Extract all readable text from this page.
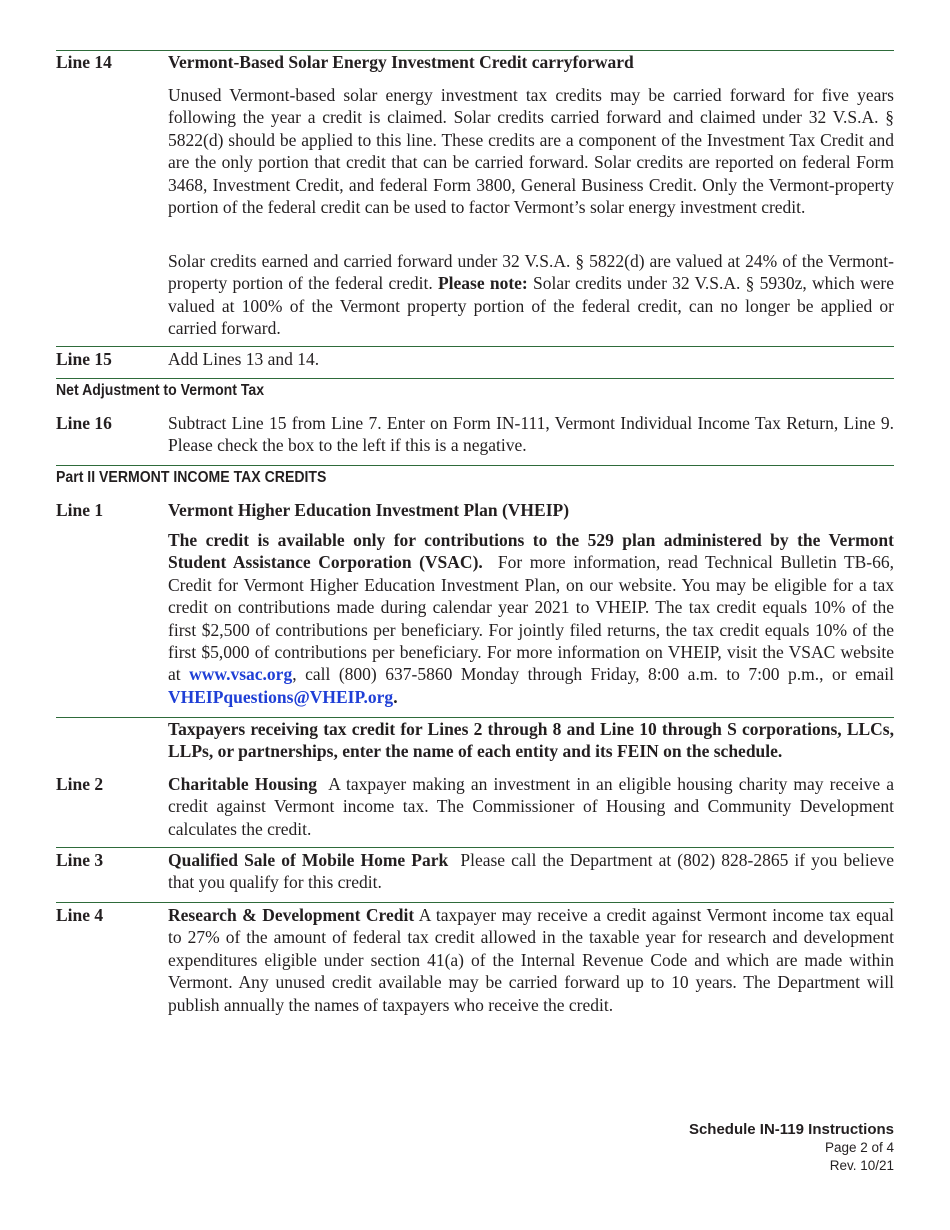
Line 14	Vermont-Based Solar Energy Investment Credit carryforward
Unused Vermont-based solar energy investment tax credits may be carried forward for five years following the year a credit is claimed. Solar credits carried forward and claimed under 32 V.S.A. § 5822(d) should be applied to this line. These credits are a component of the Investment Tax Credit and are the only portion that credit that can be carried forward. Solar credits are reported on federal Form 3468, Investment Credit, and federal Form 3800, General Business Credit. Only the Vermont-property portion of the federal credit can be used to factor Vermont’s solar energy investment credit.
Solar credits earned and carried forward under 32 V.S.A. § 5822(d) are valued at 24% of the Vermont-property portion of the federal credit. Please note: Solar credits under 32 V.S.A. § 5930z, which were valued at 100% of the Vermont property portion of the federal credit, can no longer be applied or carried forward.
Line 15	Add Lines 13 and 14.
Net Adjustment to Vermont Tax
Line 16	Subtract Line 15 from Line 7. Enter on Form IN-111, Vermont Individual Income Tax Return, Line 9. Please check the box to the left if this is a negative.
Part II VERMONT INCOME TAX CREDITS
Line 1	Vermont Higher Education Investment Plan (VHEIP)
The credit is available only for contributions to the 529 plan administered by the Vermont Student Assistance Corporation (VSAC). For more information, read Technical Bulletin TB-66, Credit for Vermont Higher Education Investment Plan, on our website. You may be eligible for a tax credit on contributions made during calendar year 2021 to VHEIP. The tax credit equals 10% of the first $2,500 of contributions per beneficiary. For jointly filed returns, the tax credit equals 10% of the first $5,000 of contributions per beneficiary. For more information on VHEIP, visit the VSAC website at www.vsac.org, call (800) 637-5860 Monday through Friday, 8:00 a.m. to 7:00 p.m., or email VHEIPquestions@VHEIP.org.
Taxpayers receiving tax credit for Lines 2 through 8 and Line 10 through S corporations, LLCs, LLPs, or partnerships, enter the name of each entity and its FEIN on the schedule.
Line 2	Charitable Housing A taxpayer making an investment in an eligible housing charity may receive a credit against Vermont income tax. The Commissioner of Housing and Community Development calculates the credit.
Line 3	Qualified Sale of Mobile Home Park Please call the Department at (802) 828-2865 if you believe that you qualify for this credit.
Line 4	Research & Development Credit A taxpayer may receive a credit against Vermont income tax equal to 27% of the amount of federal tax credit allowed in the taxable year for research and development expenditures eligible under section 41(a) of the Internal Revenue Code and which are made within Vermont. Any unused credit available may be carried forward up to 10 years. The Department will publish annually the names of taxpayers who receive the credit.
Schedule IN-119 Instructions
Page 2 of 4
Rev. 10/21
